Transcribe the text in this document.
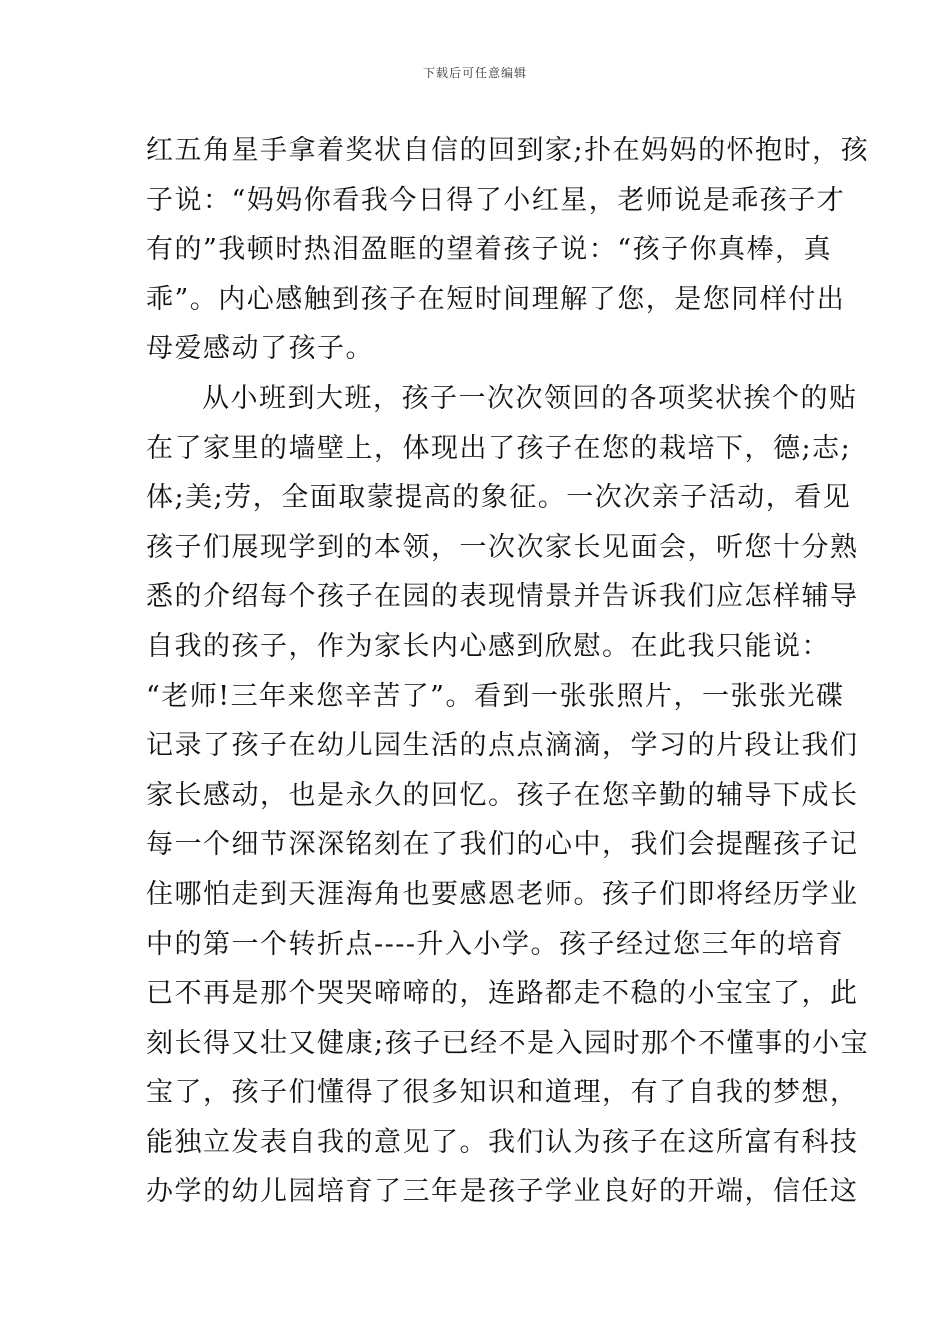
下载后可任意编辑
红五角星手拿着奖状自信的回到家;扑在妈妈的怀抱时，孩
子说：“妈妈你看我今日得了小红星，老师说是乖孩子才
有的”我顿时热泪盈眶的望着孩子说：“孩子你真棒，真
乖”。内心感触到孩子在短时间理解了您，是您同样付出
母爱感动了孩子。
从小班到大班，孩子一次次领回的各项奖状挨个的贴
在了家里的墙壁上，体现出了孩子在您的栽培下，德;志;
体;美;劳，全面取蒙提高的象征。一次次亲子活动，看见
孩子们展现学到的本领，一次次家长见面会，听您十分熟
悉的介绍每个孩子在园的表现情景并告诉我们应怎样辅导
自我的孩子，作为家长内心感到欣慰。在此我只能说：
“老师!三年来您辛苦了”。看到一张张照片，一张张光碟
记录了孩子在幼儿园生活的点点滴滴，学习的片段让我们
家长感动，也是永久的回忆。孩子在您辛勤的辅导下成长
每一个细节深深铭刻在了我们的心中，我们会提醒孩子记
住哪怕走到天涯海角也要感恩老师。孩子们即将经历学业
中的第一个转折点----升入小学。孩子经过您三年的培育
已不再是那个哭哭啼啼的，连路都走不稳的小宝宝了，此
刻长得又壮又健康;孩子已经不是入园时那个不懂事的小宝
宝了，孩子们懂得了很多知识和道理，有了自我的梦想，
能独立发表自我的意见了。我们认为孩子在这所富有科技
办学的幼儿园培育了三年是孩子学业良好的开端，信任这
